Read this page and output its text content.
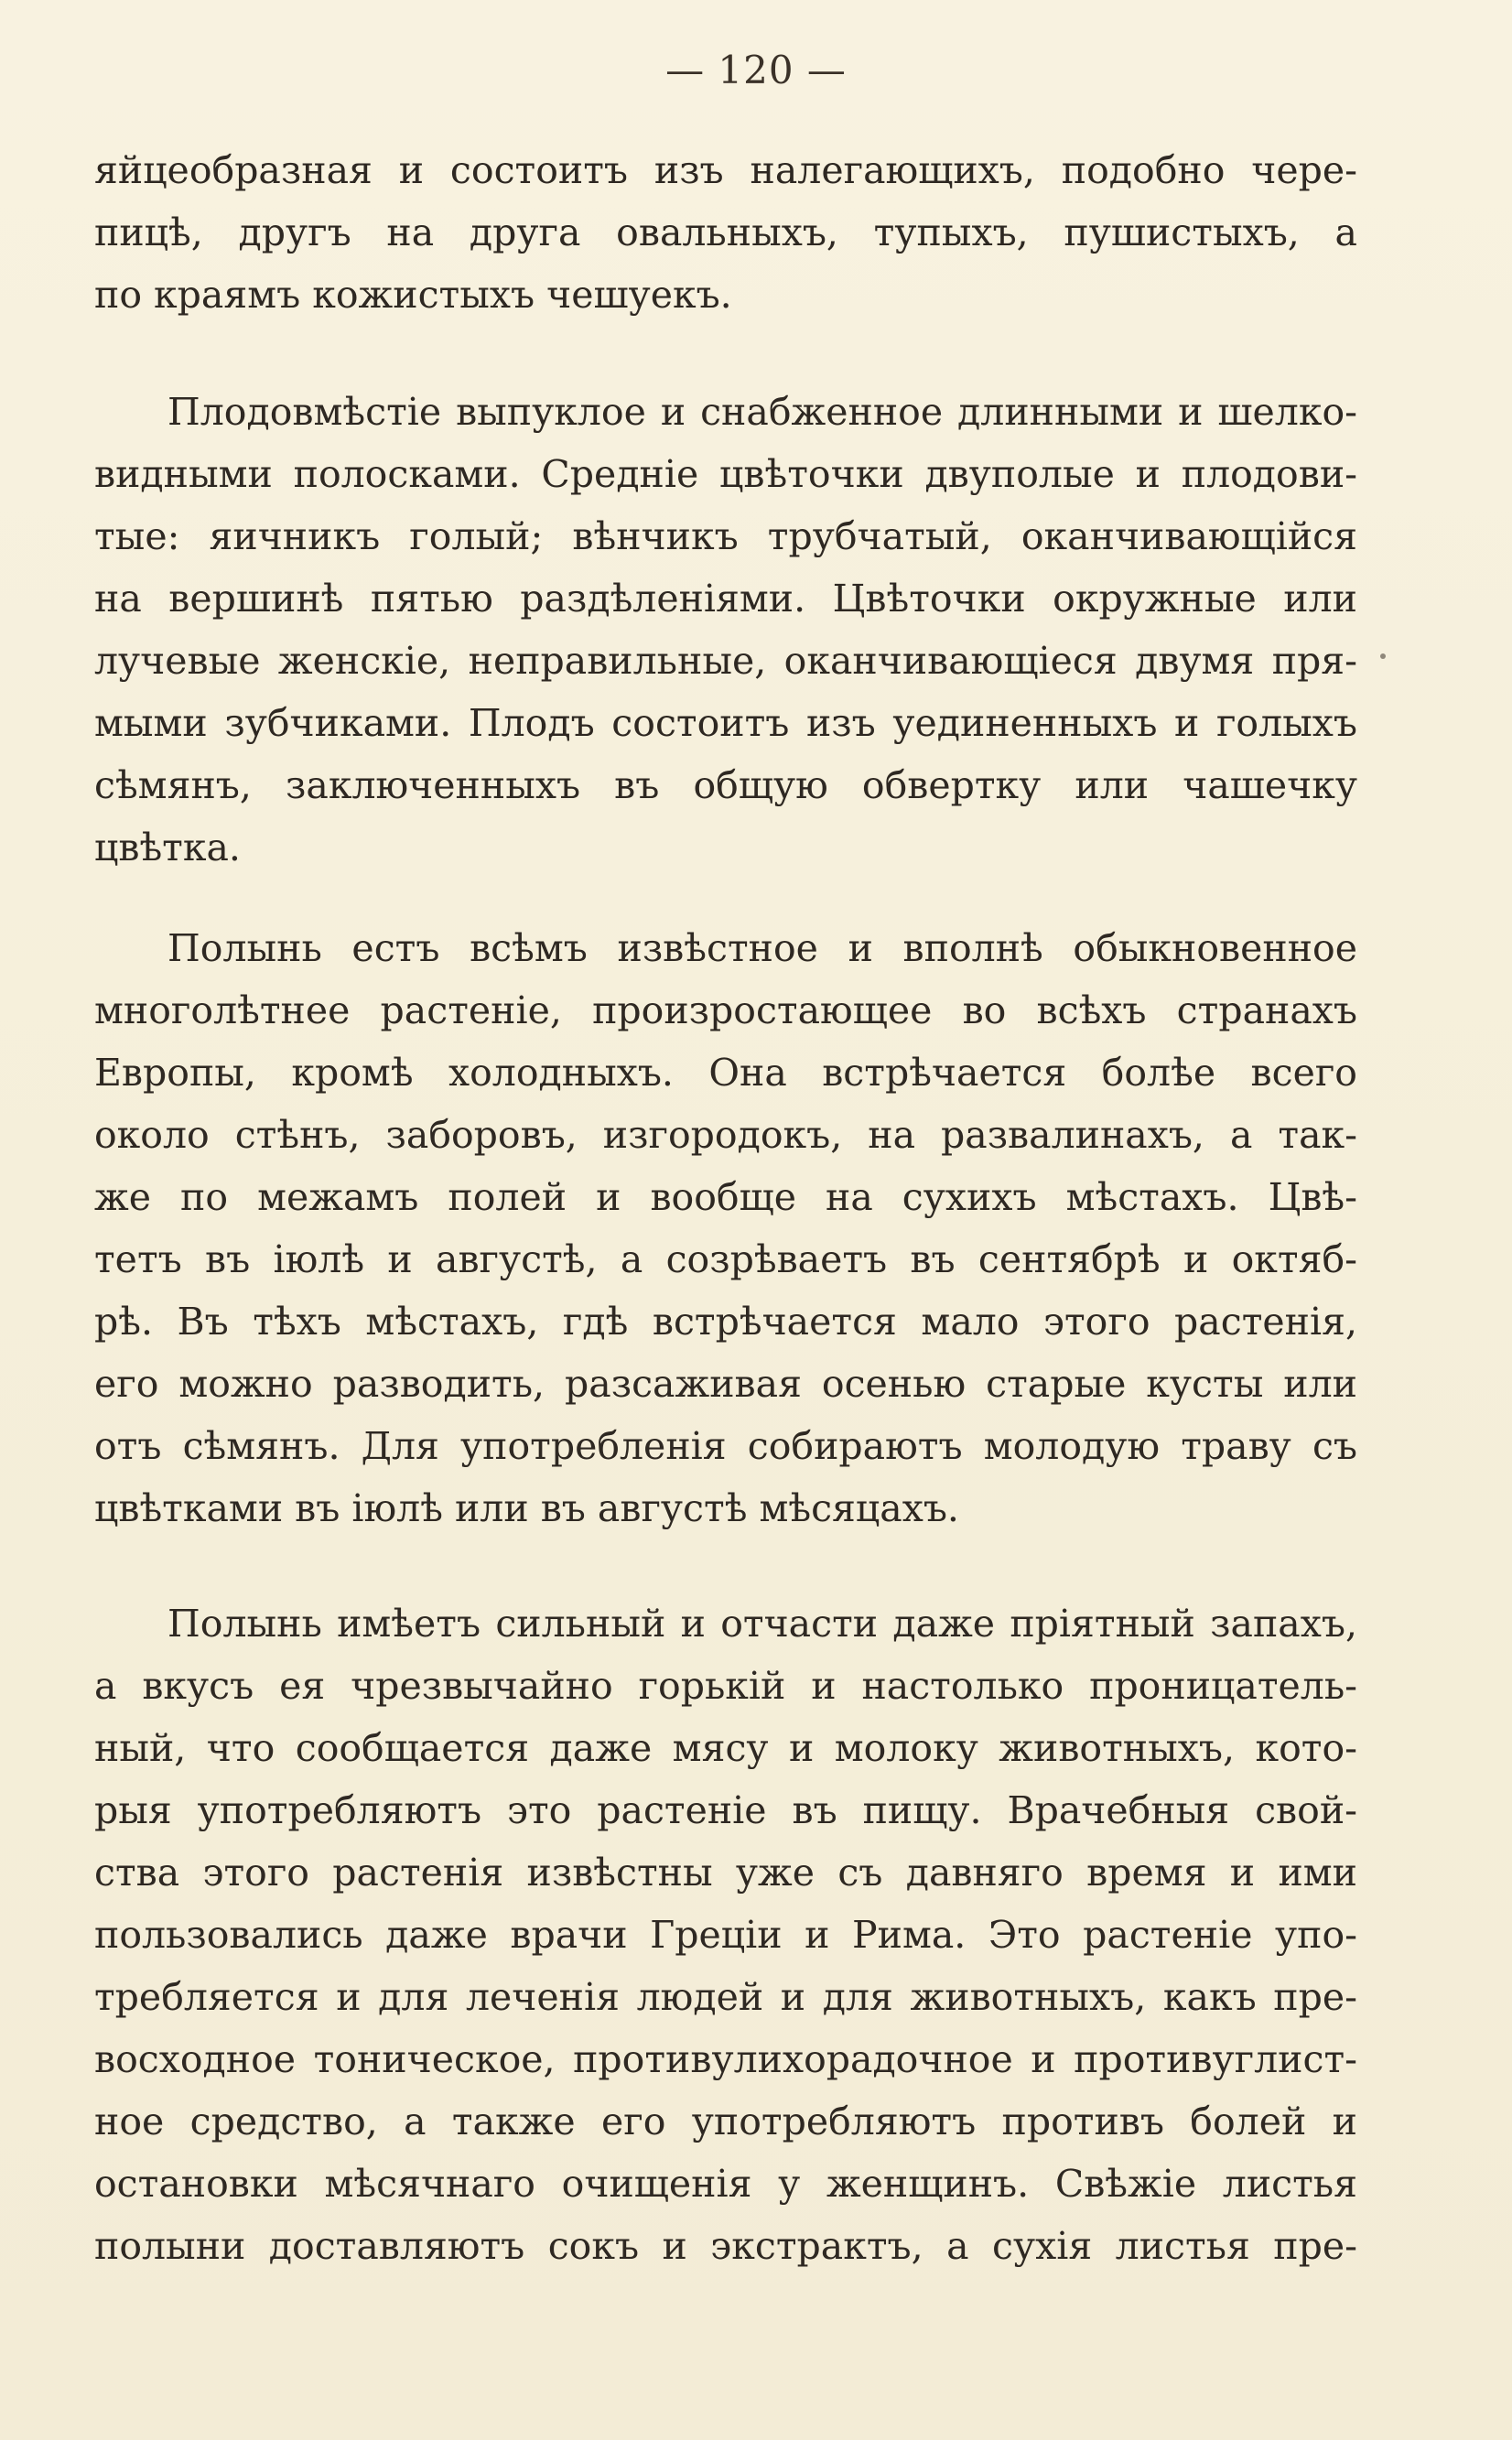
— 120 —
яйцеобразная и состоитъ изъ налегающихъ, подобно чере-
пицѣ, другъ на друга овальныхъ, тупыхъ, пушистыхъ, а
по краямъ кожистыхъ чешуекъ.
Плодовмѣстіе выпуклое и снабженное длинными и шелко-
видными полосками. Средніе цвѣточки двуполые и плодови-
тые: яичникъ голый; вѣнчикъ трубчатый, оканчивающійся
на вершинѣ пятью раздѣленіями. Цвѣточки окружные или
лучевые женскіе, неправильные, оканчивающіеся двумя пря-
мыми зубчиками. Плодъ состоитъ изъ уединенныхъ и голыхъ
сѣмянъ, заключенныхъ въ общую обвертку или чашечку
цвѣтка.
Полынь естъ всѣмъ извѣстное и вполнѣ обыкновенное
многолѣтнее растеніе, произростающее во всѣхъ странахъ
Европы, кромѣ холодныхъ. Она встрѣчается болѣе всего
около стѣнъ, заборовъ, изгородокъ, на развалинахъ, а так-
же по межамъ полей и вообще на сухихъ мѣстахъ. Цвѣ-
тетъ въ іюлѣ и августѣ, а созрѣваетъ въ сентябрѣ и октяб-
рѣ. Въ тѣхъ мѣстахъ, гдѣ встрѣчается мало этого растенія,
его можно разводить, разсаживая осенью старые кусты или
отъ сѣмянъ. Для употребленія собираютъ молодую траву съ
цвѣтками въ іюлѣ или въ августѣ мѣсяцахъ.
Полынь имѣетъ сильный и отчасти даже пріятный запахъ,
а вкусъ ея чрезвычайно горькій и настолько проницатель-
ный, что сообщается даже мясу и молоку животныхъ, кото-
рыя употребляютъ это растеніе въ пищу. Врачебныя свой-
ства этого растенія извѣстны уже съ давняго время и ими
пользовались даже врачи Греціи и Рима. Это растеніе упо-
требляется и для леченія людей и для животныхъ, какъ пре-
восходное тоническое, противулихорадочное и противуглист-
ное средство, а также его употребляютъ противъ болей и
остановки мѣсячнаго очищенія у женщинъ. Свѣжіе листья
полыни доставляютъ сокъ и экстрактъ, а сухія листья пре-
